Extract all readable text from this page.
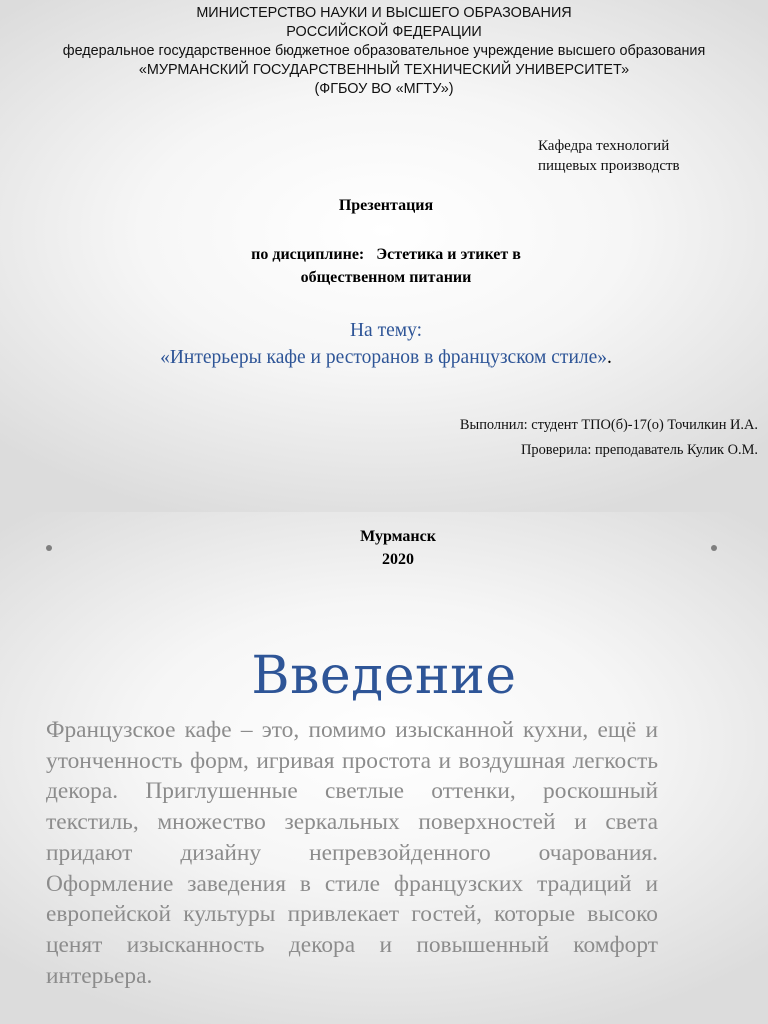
МИНИСТЕРСТВО НАУКИ И ВЫСШЕГО ОБРАЗОВАНИЯ
РОССИЙСКОЙ ФЕДЕРАЦИИ
федеральное государственное бюджетное образовательное учреждение высшего образования
«МУРМАНСКИЙ ГОСУДАРСТВЕННЫЙ ТЕХНИЧЕСКИЙ УНИВЕРСИТЕТ»
(ФГБОУ ВО «МГТУ»)
Кафедра технологий
пищевых производств
Презентация
по дисциплине:   Эстетика и этикет в
общественном питании
На тему:
«Интерьеры кафе и ресторанов в французском стиле».
Выполнил: студент ТПО(б)-17(о) Точилкин И.А.
Проверила: преподаватель Кулик О.М.
Введение
Французское кафе – это, помимо изысканной кухни, ещё и утонченность форм, игривая простота и воздушная легкость декора. Приглушенные светлые оттенки, роскошный текстиль, множество зеркальных поверхностей и света придают дизайну непревзойденного очарования. Оформление заведения в стиле французских традиций и европейской культуры привлекает гостей, которые высоко ценят изысканность декора и повышенный комфорт интерьера.
Мурманск
2020
